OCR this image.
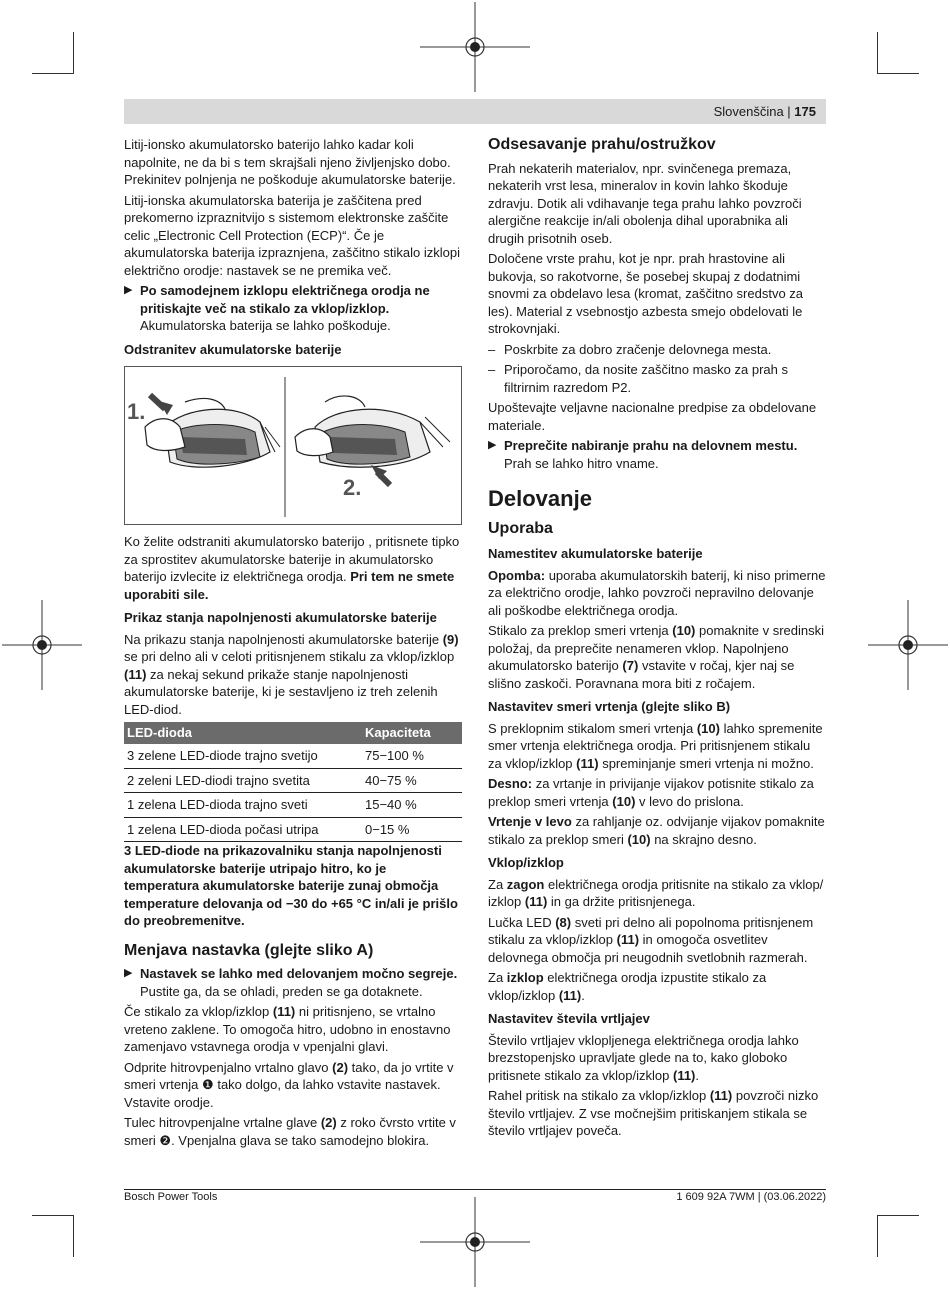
Slovenščina | 175

Litij-ionsko akumulatorsko baterijo lahko kadar koli napolnite, ne da bi s tem skrajšali njeno življenjsko dobo. Prekinitev polnjenja ne poškoduje akumulatorske baterije.

Litij-ionska akumulatorska baterija je zaščitena pred prekomerno izpraznitvijo s sistemom elektronske zaščite celic „Electronic Cell Protection (ECP)“. Če je akumulatorska baterija izpraznjena, zaščitno stikalo izklopi električno orodje: nastavek se ne premika več.

▶ Po samodejnem izklopu električnega orodja ne pritiskajte več na stikalo za vklop/izklop. Akumulatorska baterija se lahko poškoduje.
Odstranitev akumulatorske baterije
1.
2.

Ko želite odstraniti akumulatorsko baterijo , pritisnete tipko za sprostitev akumulatorske baterije in akumulatorsko baterijo izvlecite iz električnega orodja. Pri tem ne smete uporabiti sile.

Prikaz stanja napolnjenosti akumulatorske baterije

Na prikazu stanja napolnjenosti akumulatorske baterije (9) se pri delno ali v celoti pritisnjenem stikalu za vklop/izklop (11) za nekaj sekund prikaže stanje napolnjenosti akumulatorske baterije, ki je sestavljeno iz treh zelenih LED-diod.

LED-dioda	Kapaciteta
3 zelene LED-diode trajno svetijo	75−100 %
2 zeleni LED-diodi trajno svetita	40−75 %
1 zelena LED-dioda trajno sveti	15−40 %
1 zelena LED-dioda počasi utripa	0−15 %

3 LED-diode na prikazovalniku stanja napolnjenosti akumulatorske baterije utripajo hitro, ko je temperatura akumulatorske baterije zunaj območja temperature delovanja od −30 do +65 °C in/ali je prišlo do preobremenitve.

Menjava nastavka (glejte sliko A)
▶ Nastavek se lahko med delovanjem močno segreje. Pustite ga, da se ohladi, preden se ga dotaknete.

Če stikalo za vklop/izklop (11) ni pritisnjeno, se vrtalno vreteno zaklene. To omogoča hitro, udobno in enostavno zamenjavo vstavnega orodja v vpenjalni glavi.

Odprite hitrovpenjalno vrtalno glavo (2) tako, da jo vrtite v smeri vrtenja ❶ tako dolgo, da lahko vstavite nastavek. Vstavite orodje.

Tulec hitrovpenjalne vrtalne glave (2) z roko čvrsto vrtite v smeri ❷. Vpenjalna glava se tako samodejno blokira.

Odsesavanje prahu/ostružkov

Prah nekaterih materialov, npr. svinčenega premaza, nekaterih vrst lesa, mineralov in kovin lahko škoduje zdravju. Dotik ali vdihavanje tega prahu lahko povzroči alergične reakcije in/ali obolenja dihal uporabnika ali drugih prisotnih oseb.

Določene vrste prahu, kot je npr. prah hrastovine ali bukovja, so rakotvorne, še posebej skupaj z dodatnimi snovmi za obdelavo lesa (kromat, zaščitno sredstvo za les). Material z vsebnostjo azbesta smejo obdelovati le strokovnjaki.

– Poskrbite za dobro zračenje delovnega mesta.
– Priporočamo, da nosite zaščitno masko za prah s filtrirnim razredom P2.

Upoštevajte veljavne nacionalne predpise za obdelovane materiale.

▶ Preprečite nabiranje prahu na delovnem mestu. Prah se lahko hitro vname.
Delovanje
Uporaba
Namestitev akumulatorske baterije

Opomba: uporaba akumulatorskih baterij, ki niso primerne za električno orodje, lahko povzroči nepravilno delovanje ali poškodbe električnega orodja.

Stikalo za preklop smeri vrtenja (10) pomaknite v sredinski položaj, da preprečite nenameren vklop. Napolnjeno akumulatorsko baterijo (7) vstavite v ročaj, kjer naj se slišno zaskoči. Poravnana mora biti z ročajem.

Nastavitev smeri vrtenja (glejte sliko B)

S preklopnim stikalom smeri vrtenja (10) lahko spremenite smer vrtenja električnega orodja. Pri pritisnjenem stikalu za vklop/izklop (11) spreminjanje smeri vrtenja ni možno.

Desno: za vrtanje in privijanje vijakov potisnite stikalo za preklop smeri vrtenja (10) v levo do prislona.

Vrtenje v levo za rahljanje oz. odvijanje vijakov pomaknite stikalo za preklop smeri (10) na skrajno desno.

Vklop/izklop

Za zagon električnega orodja pritisnite na stikalo za vklop/ izklop (11) in ga držite pritisnjenega.

Lučka LED (8) sveti pri delno ali popolnoma pritisnjenem stikalu za vklop/izklop (11) in omogoča osvetlitev delovnega območja pri neugodnih svetlobnih razmerah.

Za izklop električnega orodja izpustite stikalo za vklop/izklop (11).

Nastavitev števila vrtljajev

Število vrtljajev vklopljenega električnega orodja lahko brezstopenjsko upravljate glede na to, kako globoko pritisnete stikalo za vklop/izklop (11).

Rahel pritisk na stikalo za vklop/izklop (11) povzroči nizko število vrtljajev. Z vse močnejšim pritiskanjem stikala se število vrtljajev poveča.

Bosch Power Tools	1 609 92A 7WM | (03.06.2022)
